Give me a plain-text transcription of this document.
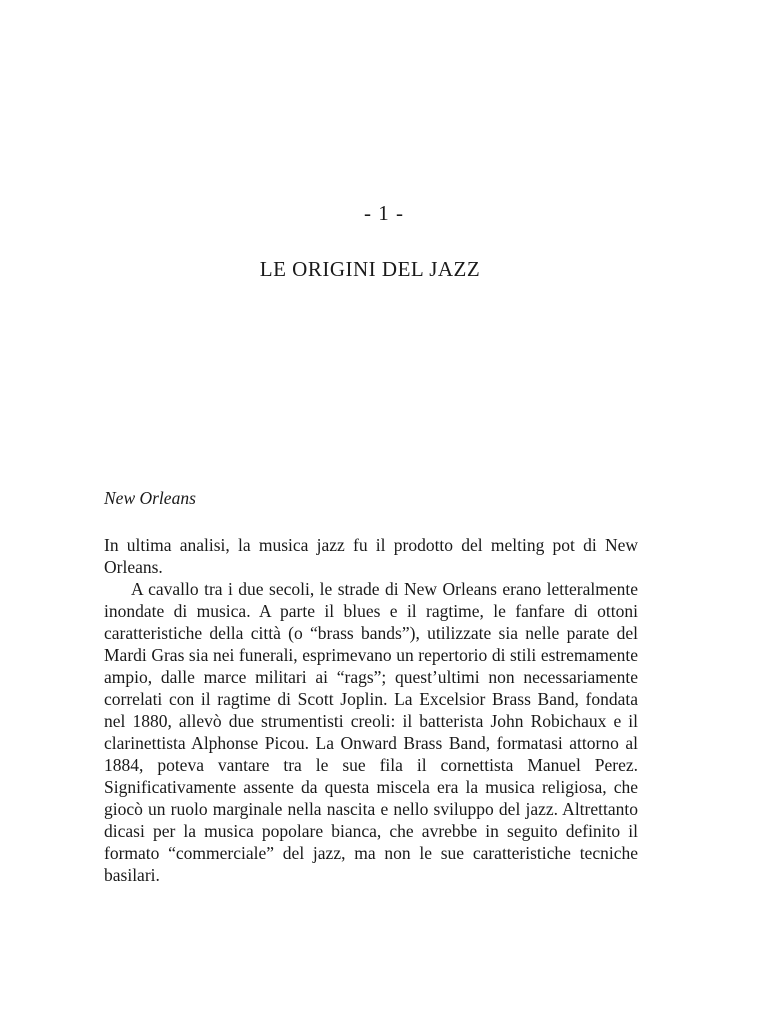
- 1 -
LE ORIGINI DEL JAZZ
New Orleans

In ultima analisi, la musica jazz fu il prodotto del melting pot di New Orleans.

A cavallo tra i due secoli, le strade di New Orleans erano letteralmente inondate di musica. A parte il blues e il ragtime, le fanfare di ottoni caratteristiche della città (o “brass bands”), utilizzate sia nelle parate del Mardi Gras sia nei funerali, esprimevano un repertorio di stili estremamente ampio, dalle marce militari ai “rags”; quest’ultimi non necessariamente correlati con il ragtime di Scott Joplin. La Excelsior Brass Band, fondata nel 1880, allevò due strumentisti creoli: il batterista John Robichaux e il clarinettista Alphonse Picou. La Onward Brass Band, formatasi attorno al 1884, poteva vantare tra le sue fila il cornettista Manuel Perez. Significativamente assente da questa miscela era la musica religiosa, che giocò un ruolo marginale nella nascita e nello sviluppo del jazz. Altrettanto dicasi per la musica popolare bianca, che avrebbe in seguito definito il formato “commerciale” del jazz, ma non le sue caratteristiche tecniche basilari.
